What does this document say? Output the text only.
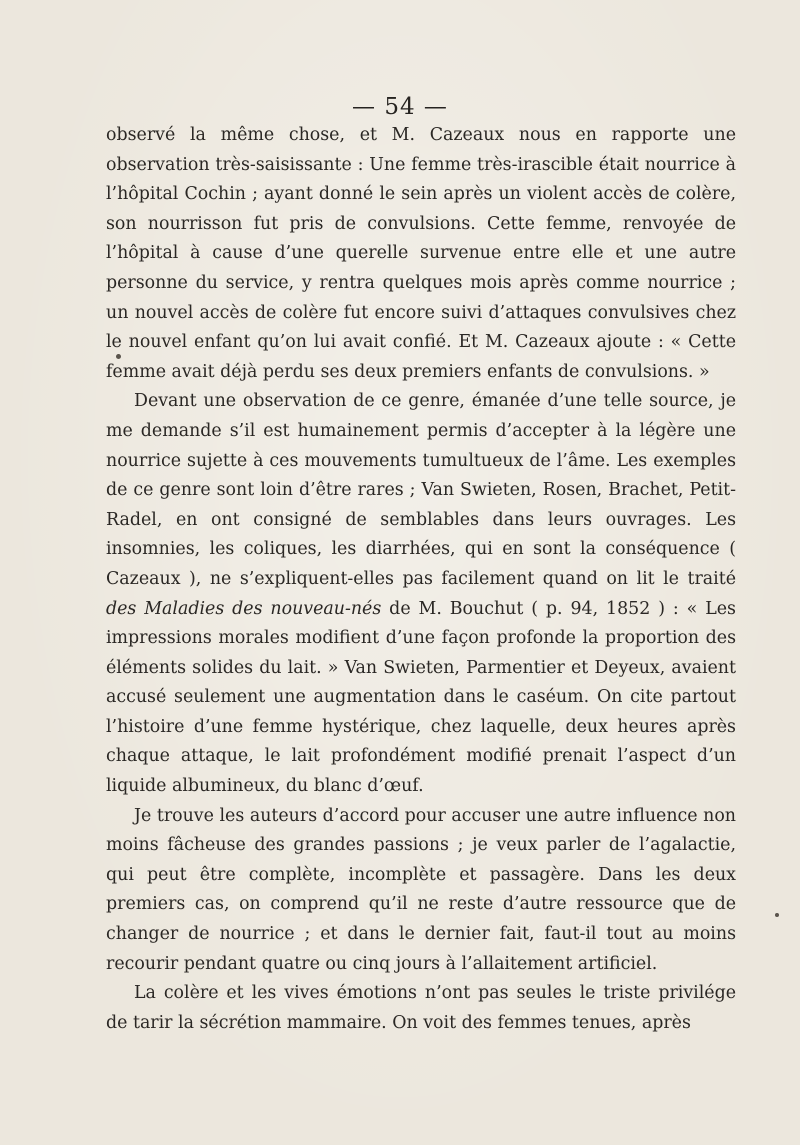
— 54 —

observé la même chose, et M. Cazeaux nous en rapporte une observation très-saisissante : Une femme très-irascible était nourrice à l’hôpital Cochin ; ayant donné le sein après un violent accès de colère, son nourrisson fut pris de convulsions. Cette femme, renvoyée de l’hôpital à cause d’une querelle survenue entre elle et une autre personne du service, y rentra quelques mois après comme nourrice ; un nouvel accès de colère fut encore suivi d’attaques convulsives chez le nouvel enfant qu’on lui avait confié. Et M. Cazeaux ajoute : « Cette femme avait déjà perdu ses deux premiers enfants de convulsions. »

Devant une observation de ce genre, émanée d’une telle source, je me demande s’il est humainement permis d’accepter à la légère une nourrice sujette à ces mouvements tumultueux de l’âme. Les exemples de ce genre sont loin d’être rares ; Van Swieten, Rosen, Brachet, Petit-Radel, en ont consigné de semblables dans leurs ouvrages. Les insomnies, les coliques, les diarrhées, qui en sont la conséquence ( Cazeaux ), ne s’expliquent-elles pas facilement quand on lit le traité des Maladies des nouveau-nés de M. Bouchut ( p. 94, 1852 ) : « Les impressions morales modifient d’une façon profonde la proportion des éléments solides du lait. » Van Swieten, Parmentier et Deyeux, avaient accusé seulement une augmentation dans le caséum. On cite partout l’histoire d’une femme hystérique, chez laquelle, deux heures après chaque attaque, le lait profondément modifié prenait l’aspect d’un liquide albumineux, du blanc d’œuf.

Je trouve les auteurs d’accord pour accuser une autre influence non moins fâcheuse des grandes passions ; je veux parler de l’agalactie, qui peut être complète, incomplète et passagère. Dans les deux premiers cas, on comprend qu’il ne reste d’autre ressource que de changer de nourrice ; et dans le dernier fait, faut-il tout au moins recourir pendant quatre ou cinq jours à l’allaitement artificiel.

La colère et les vives émotions n’ont pas seules le triste privilége de tarir la sécrétion mammaire. On voit des femmes tenues, après
